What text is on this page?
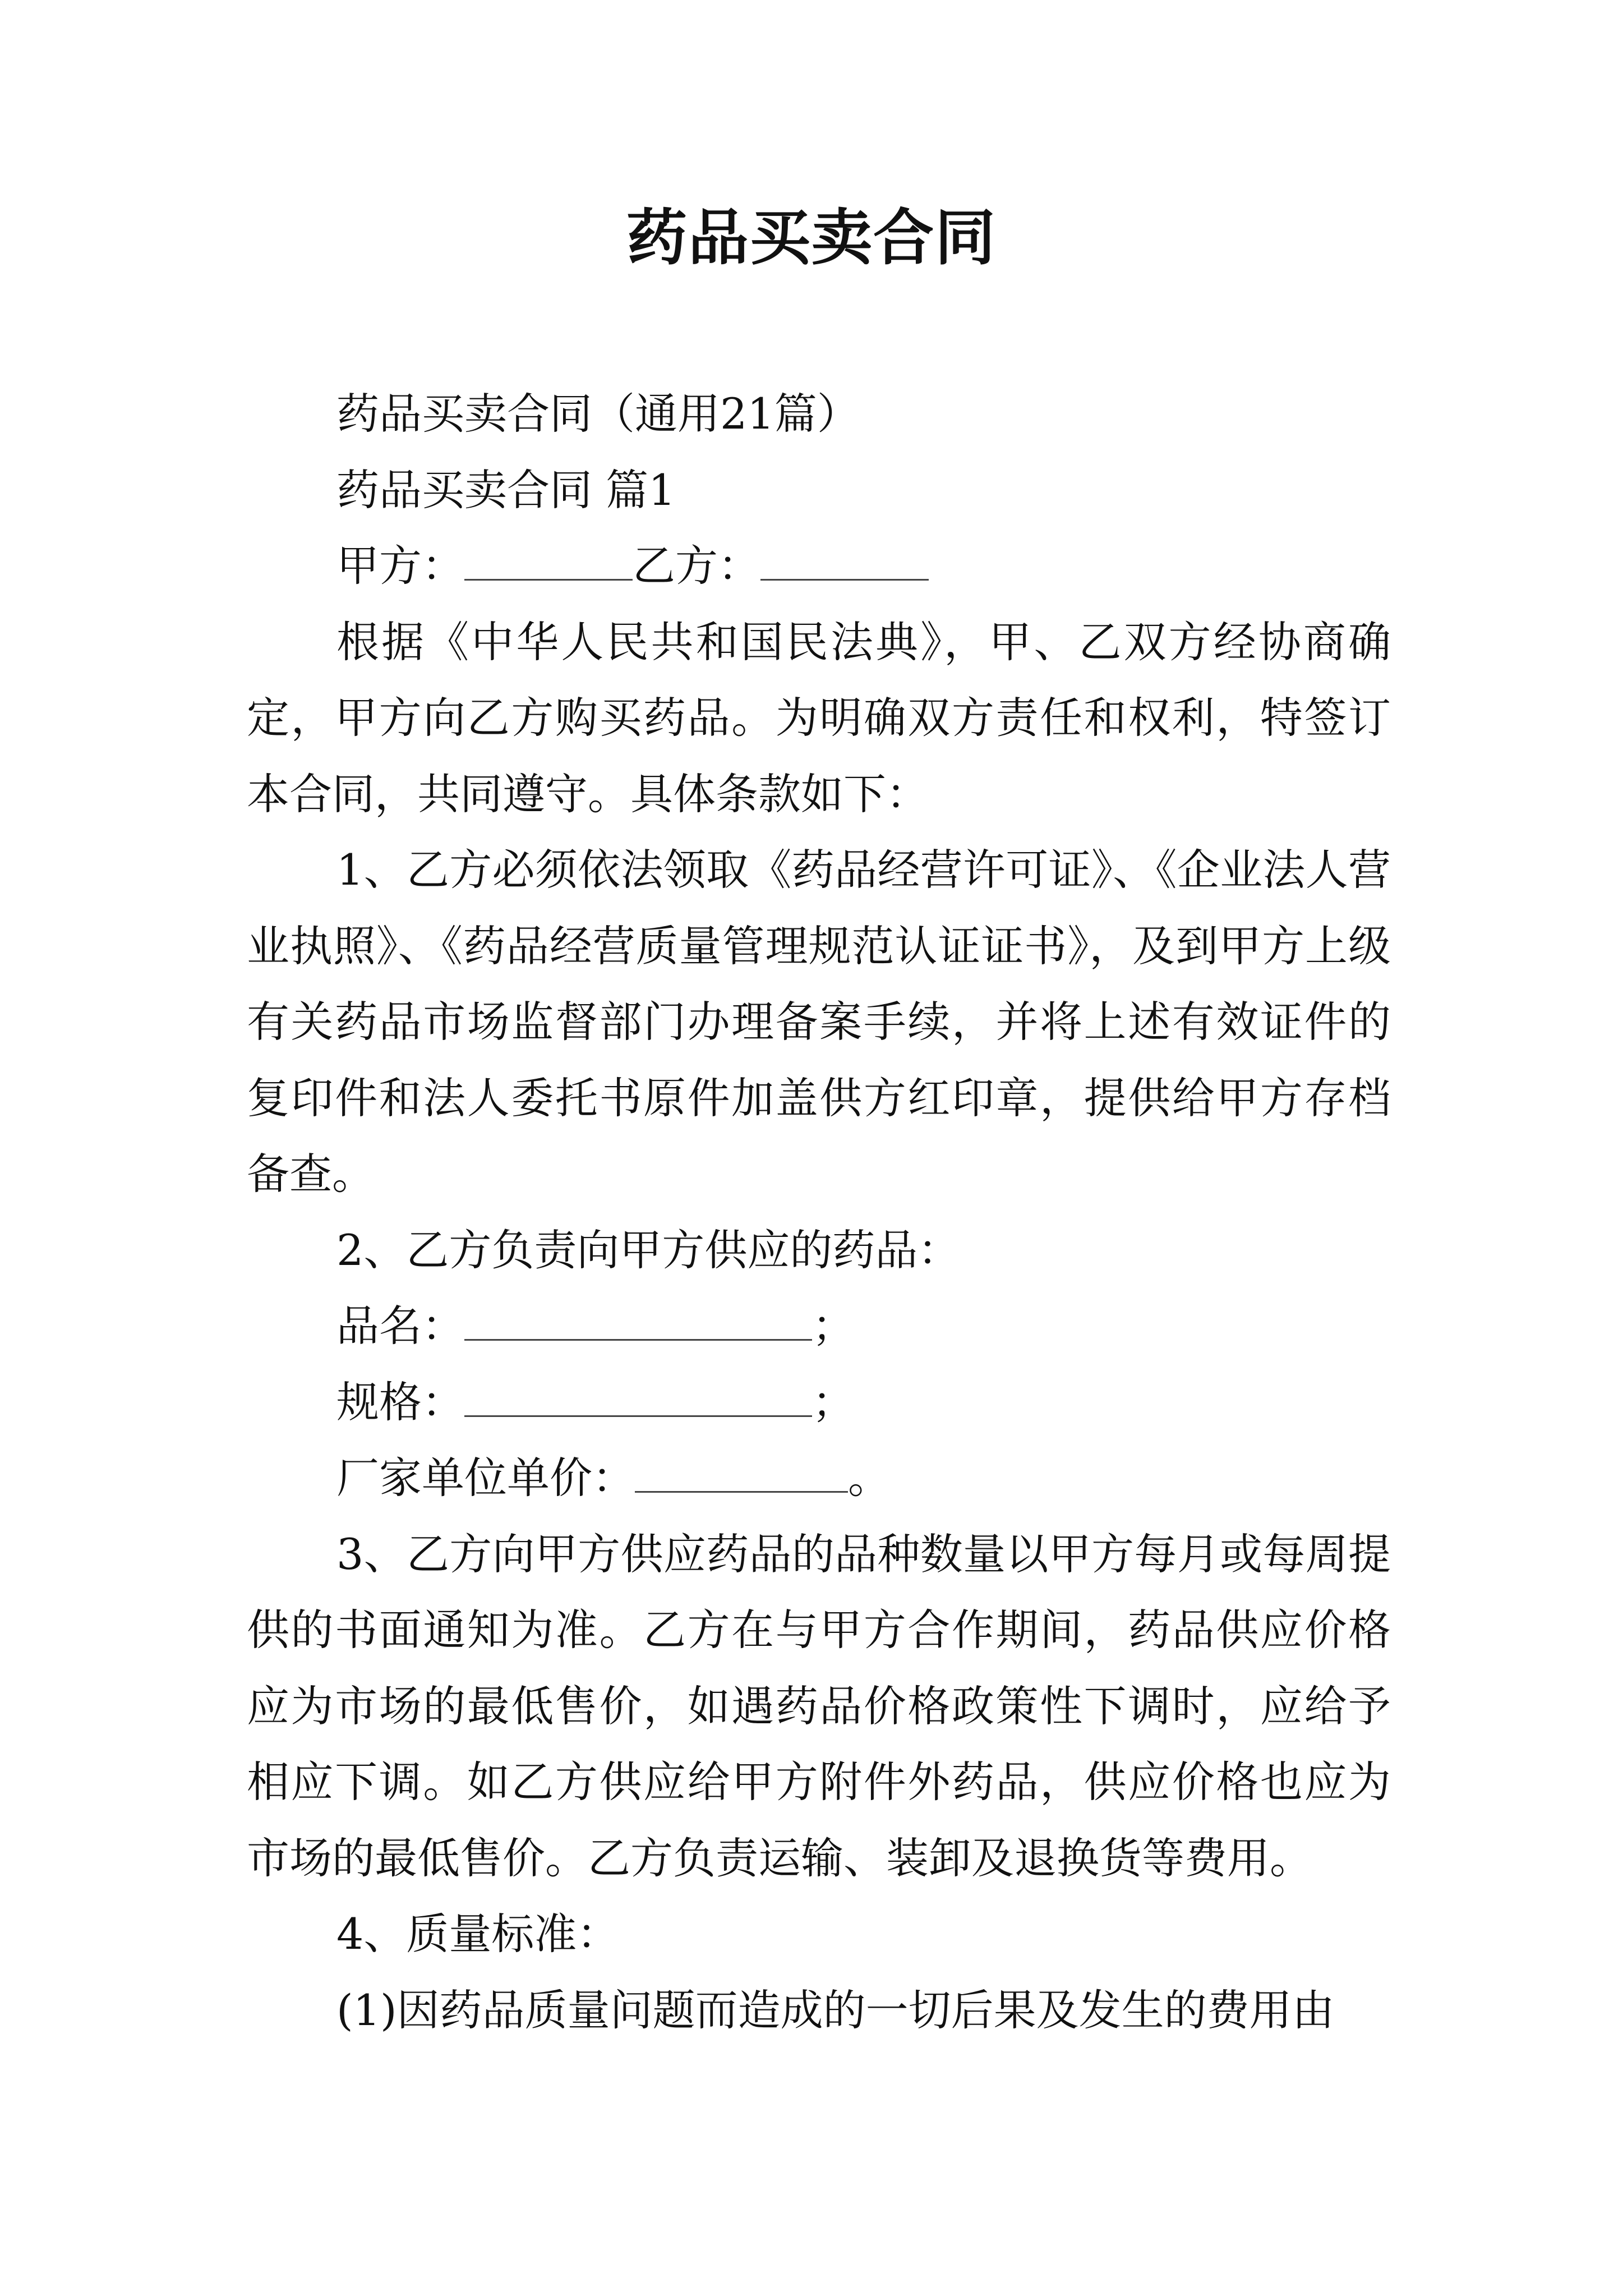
药品买卖合同

药品买卖合同（通用21篇）

药品买卖合同 篇1

甲方：	乙方：

根据《中华人民共和国民法典》，甲、乙双方经协商确定，甲方向乙方购买药品。为明确双方责任和权利，特签订本合同，共同遵守。具体条款如下：

1、乙方必须依法领取《药品经营许可证》、《企业法人营业执照》、《药品经营质量管理规范认证证书》，及到甲方上级有关药品市场监督部门办理备案手续，并将上述有效证件的复印件和法人委托书原件加盖供方红印章，提供给甲方存档备查。

2、乙方负责向甲方供应的药品：

品名：	；

规格：	；

厂家单位单价：	。

3、乙方向甲方供应药品的品种数量以甲方每月或每周提供的书面通知为准。乙方在与甲方合作期间，药品供应价格应为市场的最低售价，如遇药品价格政策性下调时，应给予相应下调。如乙方供应给甲方附件外药品，供应价格也应为市场的最低售价。乙方负责运输、装卸及退换货等费用。

4、质量标准：

(1)因药品质量问题而造成的一切后果及发生的费用由
